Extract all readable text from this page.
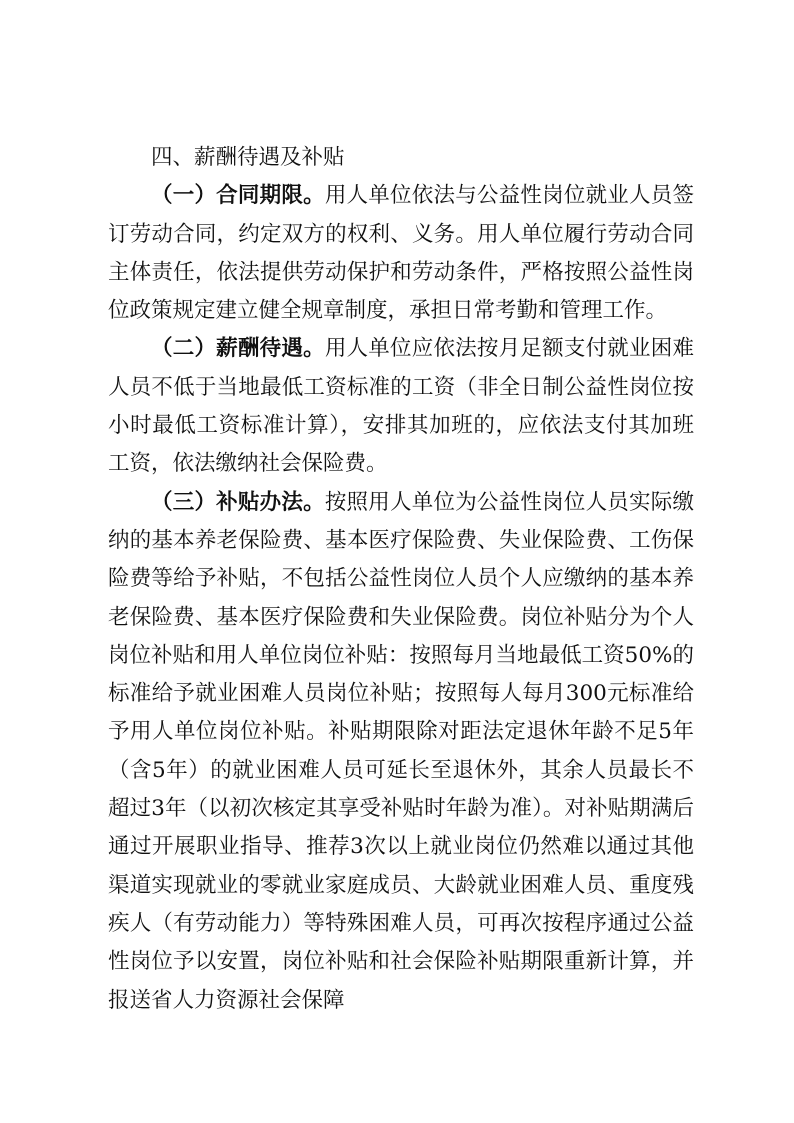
四、薪酬待遇及补贴

（一）合同期限。用人单位依法与公益性岗位就业人员签订劳动合同，约定双方的权利、义务。用人单位履行劳动合同主体责任，依法提供劳动保护和劳动条件，严格按照公益性岗位政策规定建立健全规章制度，承担日常考勤和管理工作。

（二）薪酬待遇。用人单位应依法按月足额支付就业困难人员不低于当地最低工资标准的工资（非全日制公益性岗位按小时最低工资标准计算），安排其加班的，应依法支付其加班工资，依法缴纳社会保险费。

（三）补贴办法。按照用人单位为公益性岗位人员实际缴纳的基本养老保险费、基本医疗保险费、失业保险费、工伤保险费等给予补贴，不包括公益性岗位人员个人应缴纳的基本养老保险费、基本医疗保险费和失业保险费。岗位补贴分为个人岗位补贴和用人单位岗位补贴：按照每月当地最低工资50%的标准给予就业困难人员岗位补贴；按照每人每月300元标准给予用人单位岗位补贴。补贴期限除对距法定退休年龄不足5年（含5年）的就业困难人员可延长至退休外，其余人员最长不超过3年（以初次核定其享受补贴时年龄为准）。对补贴期满后通过开展职业指导、推荐3次以上就业岗位仍然难以通过其他渠道实现就业的零就业家庭成员、大龄就业困难人员、重度残疾人（有劳动能力）等特殊困难人员，可再次按程序通过公益性岗位予以安置，岗位补贴和社会保险补贴期限重新计算，并报送省人力资源社会保障
